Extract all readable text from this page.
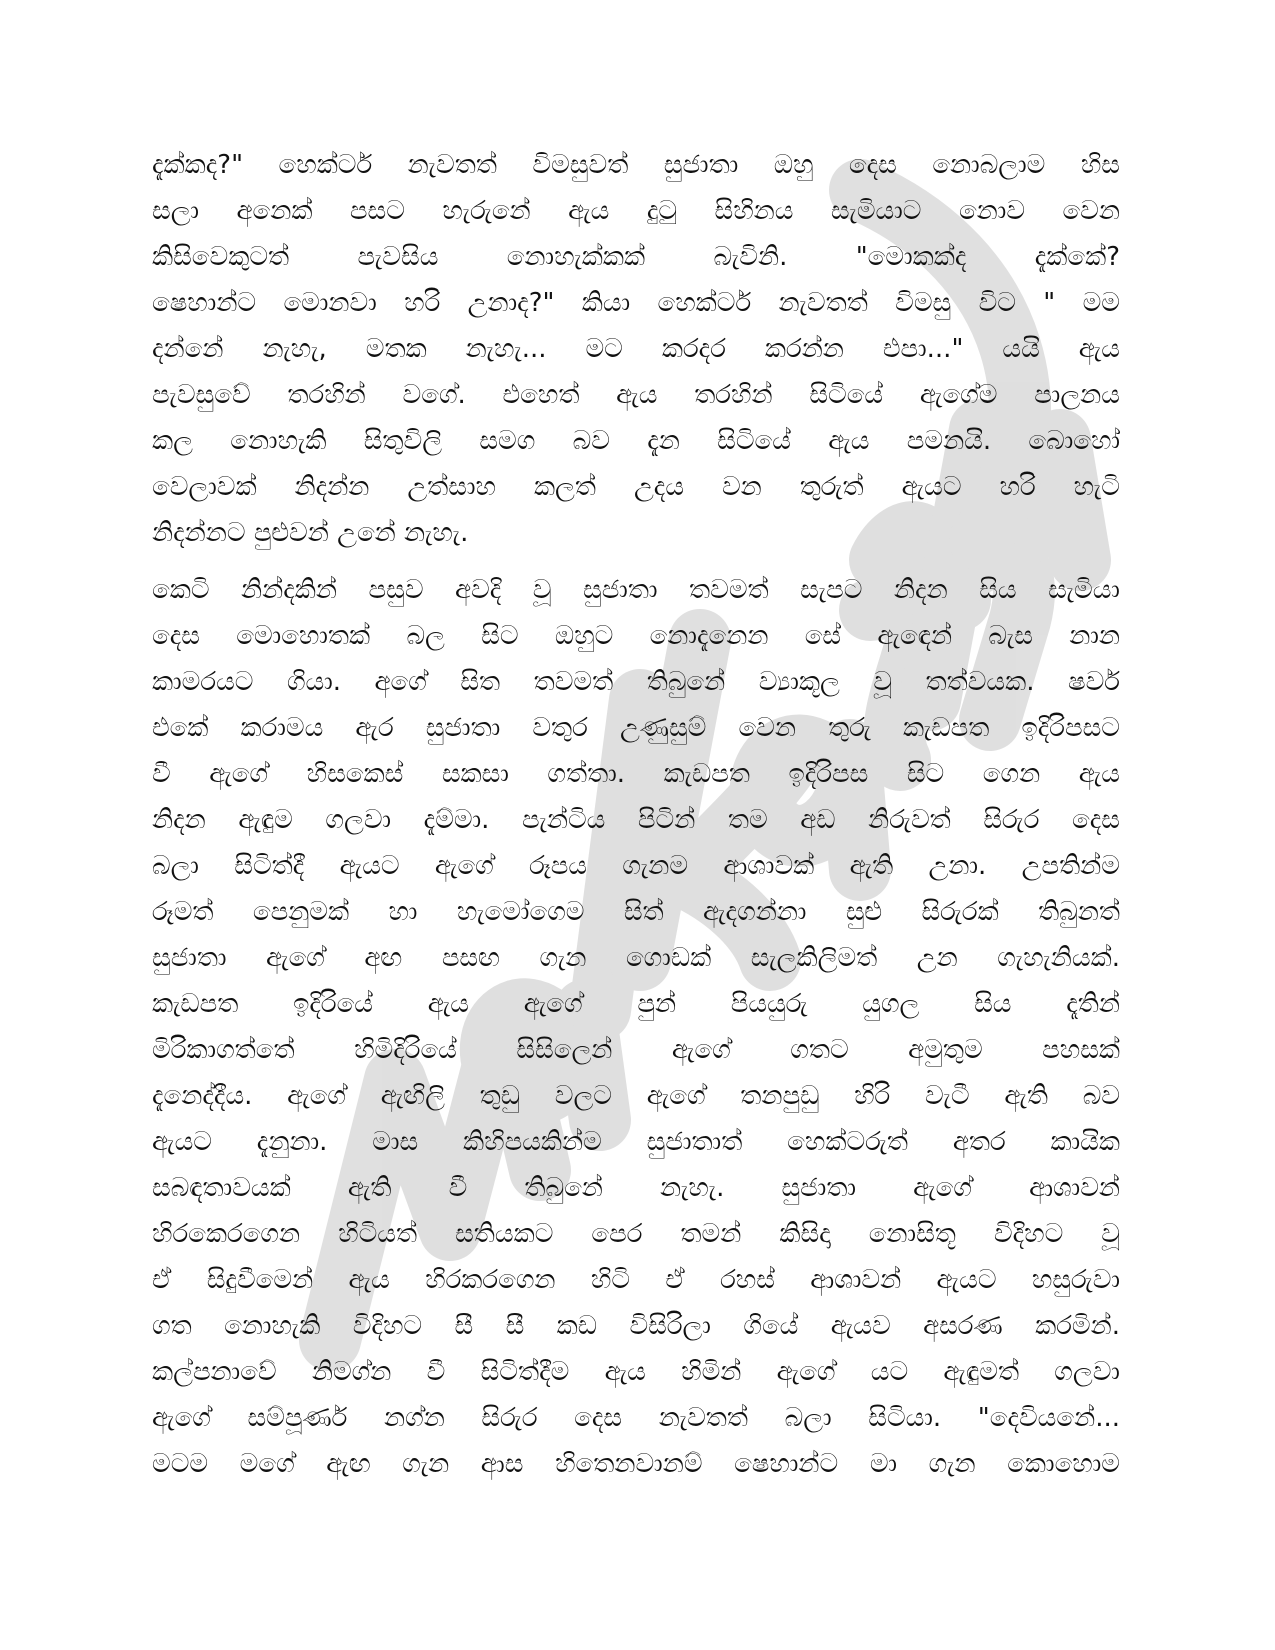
දැක්කද?" හෙක්ටර් නැවතත් විමසුවත් සුජාතා ඔහු දෙස නොබලාම හිස
සලා අනෙක් පසට හැරුනේ ඇය දුටු සිහිනය සැමියාට නොව වෙන
කිසිවෙකුටත් පැවසිය නොහැක්කක් බැවිනි. "මොකක්ද දැක්කේ?
ෂෙහාන්ට මොනවා හරි උනාද?" කියා හෙක්ටර් නැවතත් විමසු විට " මම
දන්නේ නැහැ, මතක නැහැ... මට කරදර කරන්න එපා..." යයි ඇය
පැවසුවේ තරහින් වගේ. එහෙත් ඇය තරහින් සිටියේ ඇගේම පාලනය
කල නොහැකි සිතුවිලි සමග බව දැන සිටියේ ඇය පමනයි. බොහෝ
වෙලාවක් නිදන්න උත්සාහ කලත් උදය වන තුරුත් ඇයට හරි හැටි
නිදන්නට පුළුවන් උනේ නැහැ.
කෙටි නින්දකින් පසුව අවදි වූ සුජාතා තවමත් සැපට නිදන සිය සැමියා
දෙස මොහොතක් බල සිට ඔහුට නොදැනෙන සේ ඇඳෙන් බැස නාන
කාමරයට ගියා. අගේ සිත තවමත් තිබුනේ ව්‍යාකූල වූ තත්වයක. ෂවර්
එකේ කරාමය ඇර සුජාතා වතුර උණුසුම් වෙන තුරු කැඩපත ඉදිරිපසට
වී ඇගේ හිසකෙස් සකසා ගත්තා. කැඩපත ඉදිරිපස සිට ගෙන ඇය
නිදන ඇඳුම ගලවා දැම්මා. පැන්ටිය පිටින් තම අඩ නිරුවත් සිරුර දෙස
බලා සිටිත්දී ඇයට ඇගේ රූපය ගැනම ආශාවක් ඇති උනා. උපතින්ම
රූමත් පෙනුමක් හා හැමෝගෙම සිත් ඇදගන්නා සුළු සිරුරක් තිබුනත්
සුජාතා ඇගේ අඟ පසඟ ගැන ගොඩක් සැලකිලිමත් උන ගැහැනියක්.
කැඩපත ඉදිරියේ ඇය ඇගේ පුන් පියයුරු යුගල සිය දෑතින්
මිරිකාගත්තේ හිමිදිරියේ සිසිලෙන් ඇගේ ගතට අමුතුම පහසක්
දැනෙද්දීය. ඇගේ ඇඟිලි තුඩු වලට ඇගේ තනපුඩු හිරි වැටී ඇති බව
ඇයට දැනුනා. මාස කිහිපයකින්ම සුජාතාත් හෙක්ටරුත් අතර කායික
සබඳතාවයක් ඇති වී තිබුනේ නැහැ. සුජාතා ඇගේ ආශාවන්
හිරකෙරගෙන හිටියත් සතියකට පෙර තමන් කිසිදා නොසිතූ විදිහට වූ
ඒ සිදුවීමෙන් ඇය හිරකරගෙන හිටි ඒ රහස් ආශාවන් ඇයට හසුරුවා
ගත නොහැකි විදිහට සී සී කඩ විසිරිලා ගියේ ඇයව අසරණ කරමින්.
කල්පනාවේ නිමග්න වී සිටිත්දීම ඇය හිමින් ඇගේ යට ඇඳුමත් ගලවා
ඇගේ සම්පූර්ණ නග්න සිරුර දෙස නැවතත් බලා සිටියා. "දෙවියනේ...
මටම මගේ ඇඟ ගැන ආස හිතෙනවානම් ෂෙහාන්ට මා ගැන කොහොම
